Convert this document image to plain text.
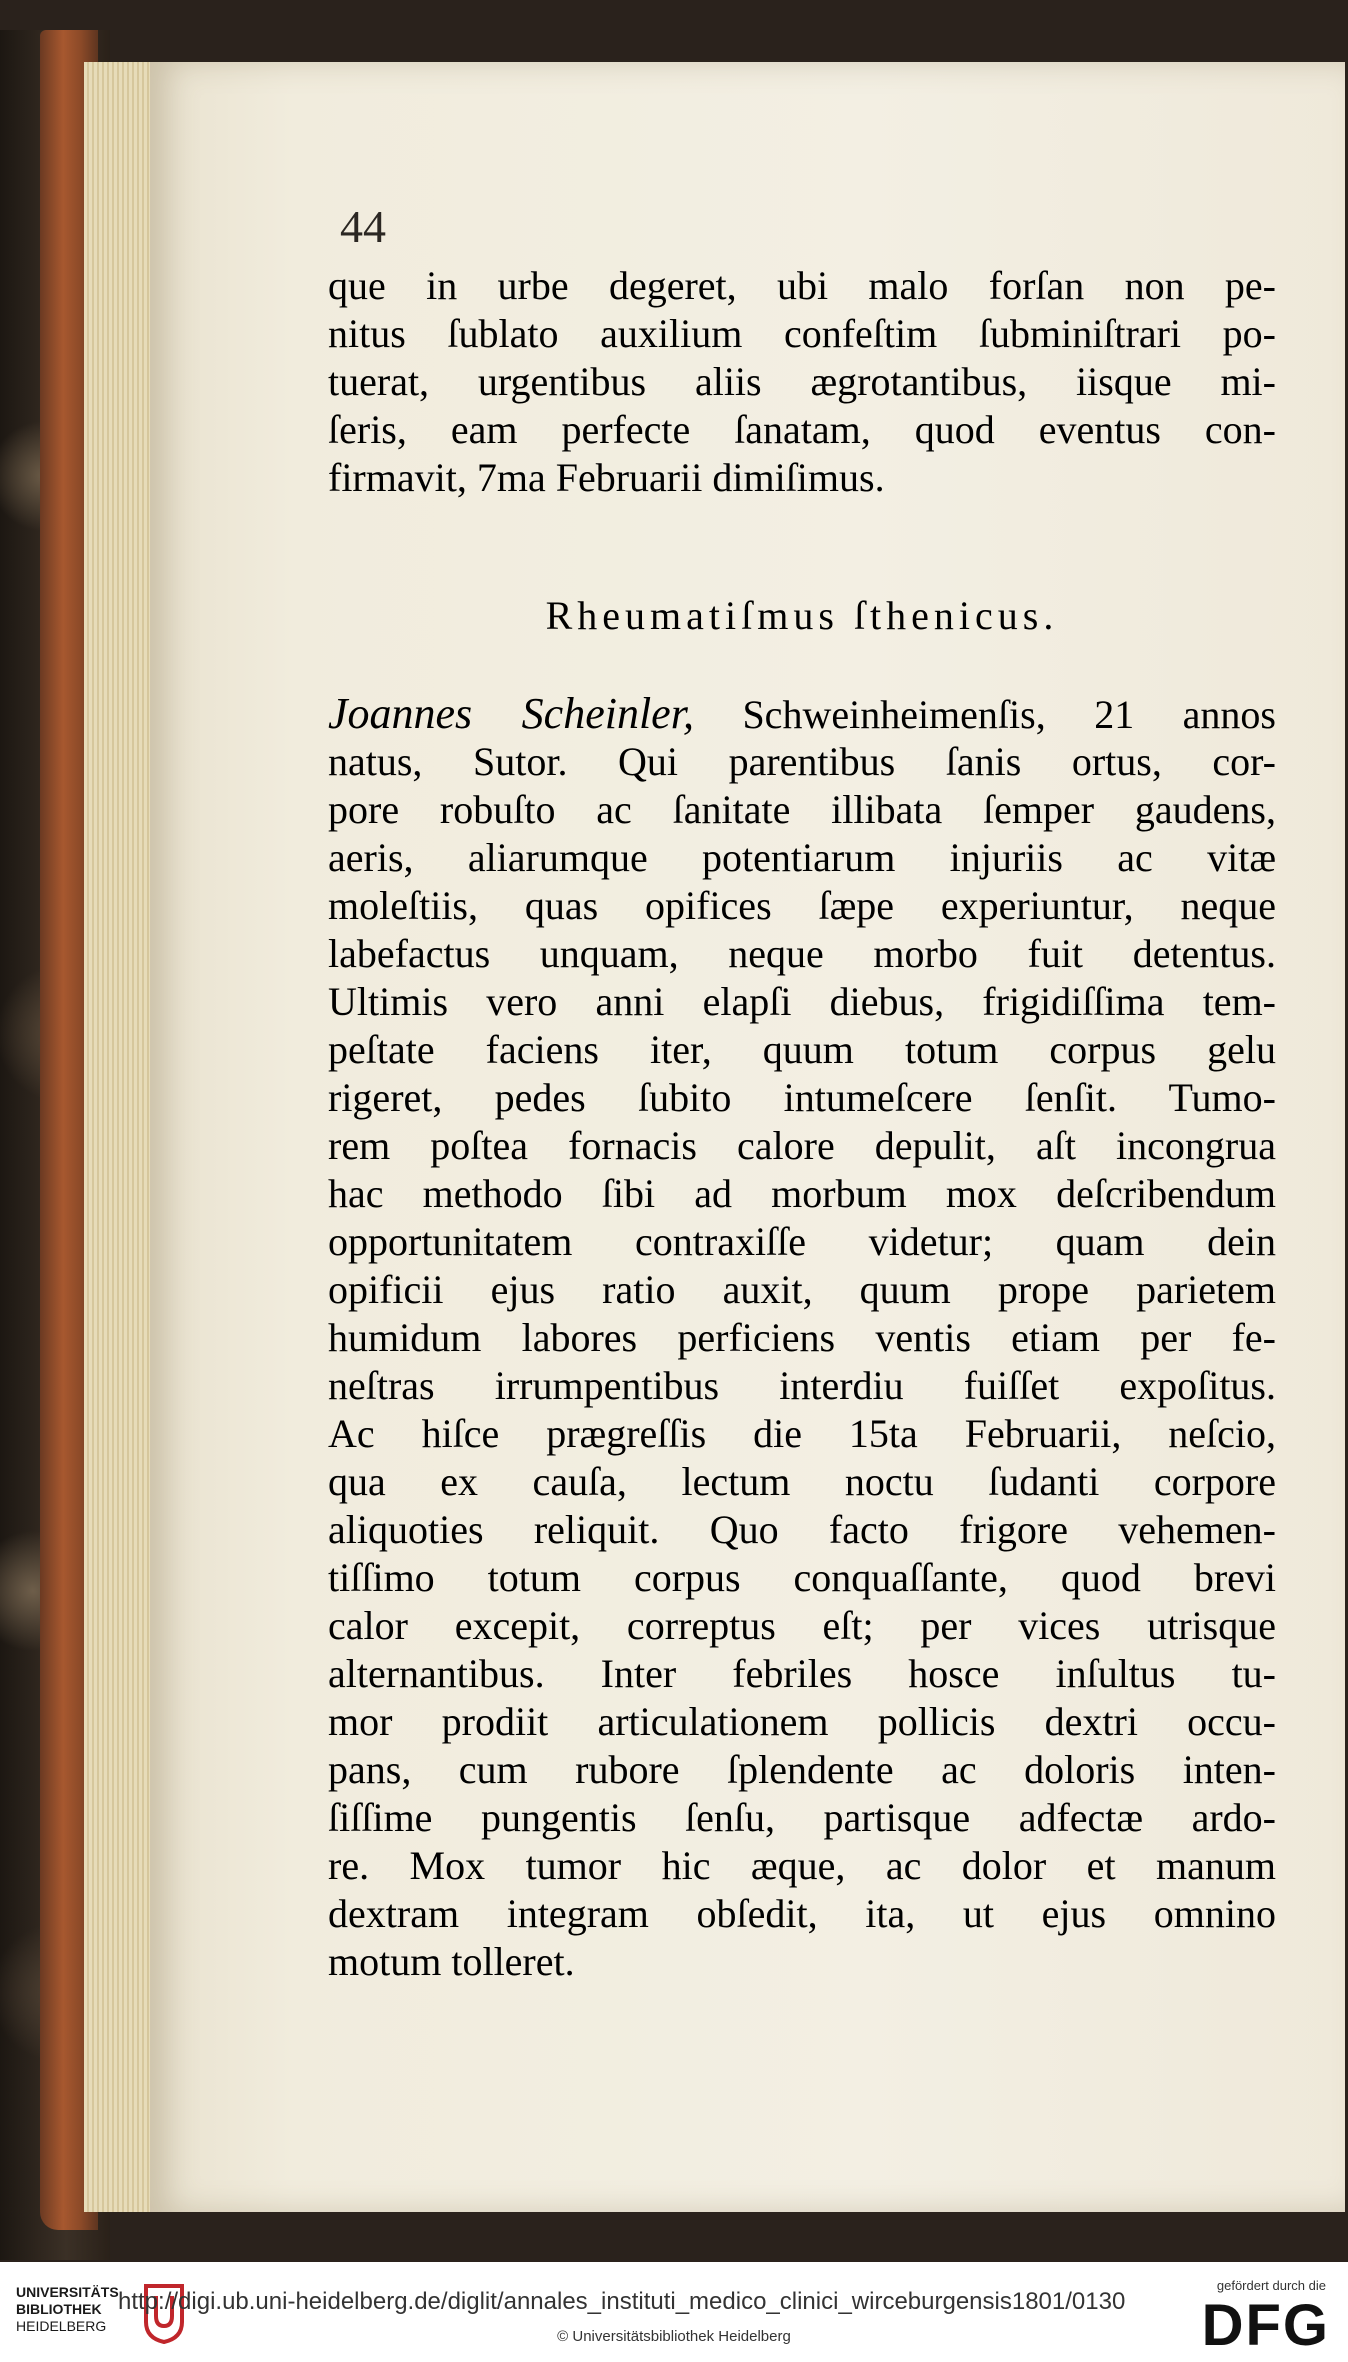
44
que in urbe degeret, ubi malo forſan non pe-
nitus ſublato auxilium confeſtim ſubminiſtrari po-
tuerat, urgentibus aliis ægrotantibus, iisque mi-
ſeris, eam perfecte ſanatam, quod eventus con-
firmavit, 7ma Februarii dimiſimus.
Rheumatiſmus ſthenicus.
Joannes Scheinler, Schweinheimenſis, 21 annos
natus, Sutor. Qui parentibus ſanis ortus, cor-
pore robuſto ac ſanitate illibata ſemper gaudens,
aeris, aliarumque potentiarum injuriis ac vitæ
moleſtiis, quas opifices ſæpe experiuntur, neque
labefactus unquam, neque morbo fuit detentus.
Ultimis vero anni elapſi diebus, frigidiſſima tem-
peſtate faciens iter, quum totum corpus gelu
rigeret, pedes ſubito intumeſcere ſenſit. Tumo-
rem poſtea fornacis calore depulit, aſt incongrua
hac methodo ſibi ad morbum mox deſcribendum
opportunitatem contraxiſſe videtur; quam dein
opificii ejus ratio auxit, quum prope parietem
humidum labores perficiens ventis etiam per fe-
neſtras irrumpentibus interdiu fuiſſet expoſitus.
Ac hiſce prægreſſis die 15ta Februarii, neſcio,
qua ex cauſa, lectum noctu ſudanti corpore
aliquoties reliquit. Quo facto frigore vehemen-
tiſſimo totum corpus conquaſſante, quod brevi
calor excepit, correptus eſt; per vices utrisque
alternantibus. Inter febriles hosce inſultus tu-
mor prodiit articulationem pollicis dextri occu-
pans, cum rubore ſplendente ac doloris inten-
ſiſſime pungentis ſenſu, partisque adfectæ ardo-
re. Mox tumor hic æque, ac dolor et manum
dextram integram obſedit, ita, ut ejus omnino
motum tolleret.
UNIVERSITÄTS
BIBLIOTHEK
HEIDELBERG
http://digi.ub.uni-heidelberg.de/diglit/annales_instituti_medico_clinici_wirceburgensis1801/0130
© Universitätsbibliothek Heidelberg
gefördert durch die
DFG
